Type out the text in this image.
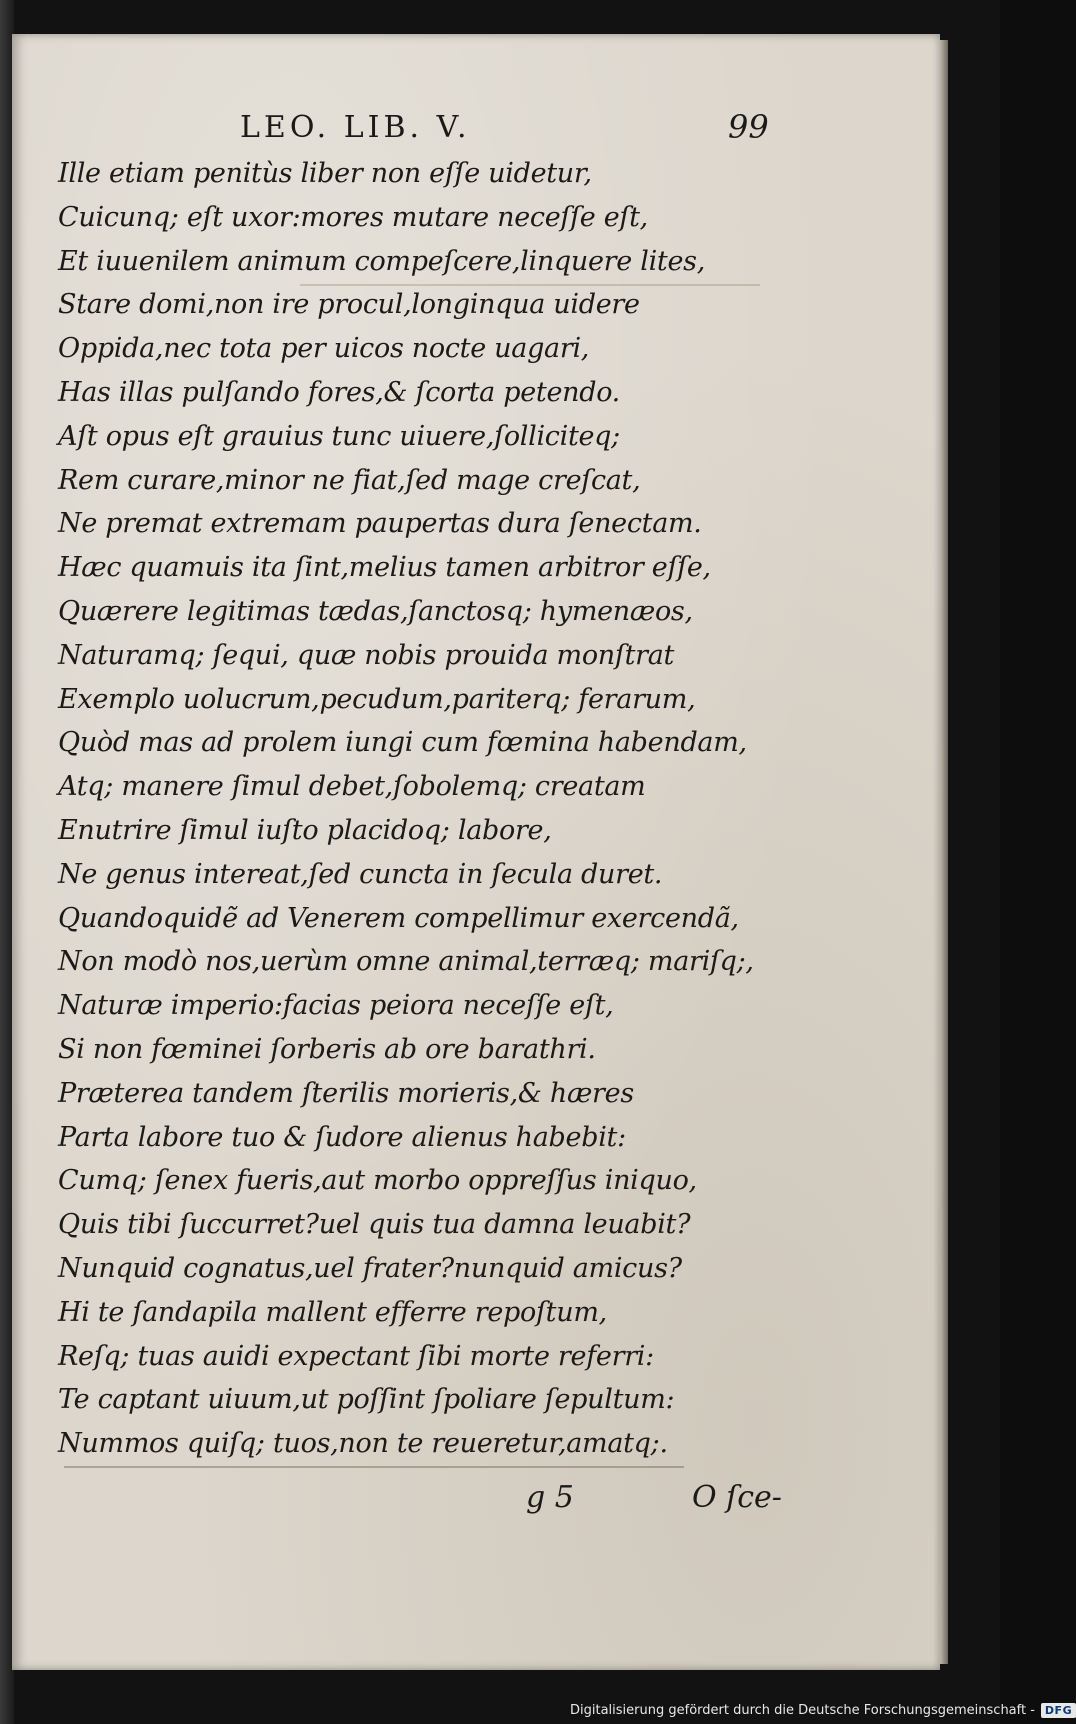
LEO. LIB. V.	99
Ille etiam penitùs liber non eſſe uidetur,
Cuicunq; eſt uxor:mores mutare neceſſe eſt,
Et iuuenilem animum compeſcere,linquere lites,
Stare domi,non ire procul,longinqua uidere
Oppida,nec tota per uicos nocte uagari,
Has illas pulſando fores,& ſcorta petendo.
Aſt opus eſt grauius tunc uiuere,ſolliciteq;
Rem curare,minor ne fiat,ſed mage creſcat,
Ne premat extremam paupertas dura ſenectam.
Hæc quamuis ita ſint,melius tamen arbitror eſſe,
Quærere legitimas tædas,ſanctosq; hymenæos,
Naturamq; ſequi, quæ nobis prouida monſtrat
Exemplo uolucrum,pecudum,pariterq; ferarum,
Quòd mas ad prolem iungi cum fœmina habendam,
Atq; manere ſimul debet,ſobolemq; creatam
Enutrire ſimul iuſto placidoq; labore,
Ne genus intereat,ſed cuncta in ſecula duret.
Quandoquidẽ ad Venerem compellimur exercendã,
Non modò nos,uerùm omne animal,terræq; mariſq;,
Naturæ imperio:facias peiora neceſſe eſt,
Si non fœminei ſorberis ab ore barathri.
Præterea tandem ſterilis morieris,& hæres
Parta labore tuo & ſudore alienus habebit:
Cumq; ſenex fueris,aut morbo oppreſſus iniquo,
Quis tibi ſuccurret?uel quis tua damna leuabit?
Nunquid cognatus,uel frater?nunquid amicus?
Hi te ſandapila mallent efferre repoſtum,
Reſq; tuas auidi expectant ſibi morte referri:
Te captant uiuum,ut poſſint ſpoliare ſepultum:
Nummos quiſq; tuos,non te reueretur,amatq;.
g 5	O ſce-
Digitalisierung gefördert durch die Deutsche Forschungsgemeinschaft - DFG
